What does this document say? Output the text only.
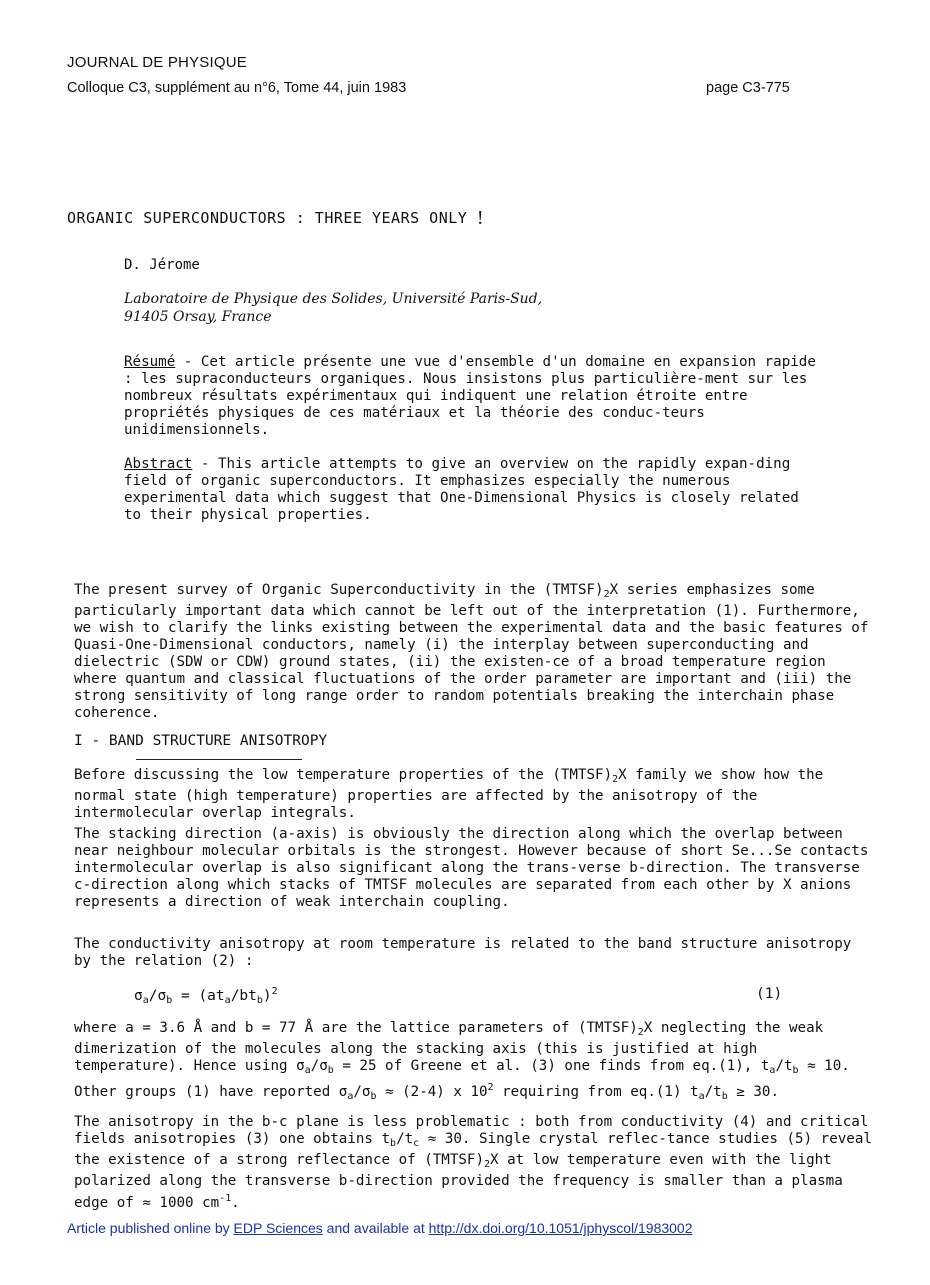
JOURNAL DE PHYSIQUE
Colloque C3, supplément au n°6, Tome 44, juin 1983	page C3-775
ORGANIC SUPERCONDUCTORS : THREE YEARS ONLY !
D. Jérome
Laboratoire de Physique des Solides, Université Paris-Sud,
91405 Orsay, France

Résumé - Cet article présente une vue d'ensemble d'un domaine en expansion rapide : les supraconducteurs organiques. Nous insistons plus particulière-ment sur les nombreux résultats expérimentaux qui indiquent une relation étroite entre propriétés physiques de ces matériaux et la théorie des conduc-teurs unidimensionnels.

Abstract - This article attempts to give an overview on the rapidly expan-ding field of organic superconductors. It emphasizes especially the numerous experimental data which suggest that One-Dimensional Physics is closely related to their physical properties.

The present survey of Organic Superconductivity in the $(TMTSF)_2X$ series emphasizes some particularly important data which cannot be left out of the interpretation (1). Furthermore, we wish to clarify the links existing between the experimental data and the basic features of Quasi-One-Dimensional conductors, namely (i) the interplay between superconducting and dielectric (SDW or CDW) ground states, (ii) the existen-ce of a broad temperature region where quantum and classical fluctuations of the order parameter are important and (iii) the strong sensitivity of long range order to random potentials breaking the interchain phase coherence.

I - BAND STRUCTURE ANISOTROPY

Before discussing the low temperature properties of the $(TMTSF)_2X$ family we show how the normal state (high temperature) properties are affected by the anisotropy of the intermolecular overlap integrals.

The stacking direction (a-axis) is obviously the direction along which the overlap between near neighbour molecular orbitals is the strongest. However because of short Se...Se contacts intermolecular overlap is also significant along the trans-verse b-direction. The transverse c-direction along which stacks of TMTSF molecules are separated from each other by X anions represents a direction of weak interchain coupling.

The conductivity anisotropy at room temperature is related to the band structure anisotropy by the relation (2) :

$\sigma_a/\sigma_b = (at_a/bt_b)^2$	(1)

where a = 3.6 Å and b = 77 Å are the lattice parameters of $(TMTSF)_2X$ neglecting the weak dimerization of the molecules along the stacking axis (this is justified at high temperature). Hence using $\sigma_a/\sigma_b = 25$ of Greene et al. (3) one finds from eq.(1), $t_a/t_b \approx 10$. Other groups (1) have reported $\sigma_a/\sigma_b \approx (2-4)$ x $10^2$ requiring from eq.(1) $t_a/t_b \ge 30$.

The anisotropy in the b-c plane is less problematic : both from conductivity (4) and critical fields anisotropies (3) one obtains $t_b/t_c \approx 30$. Single crystal reflec-tance studies (5) reveal the existence of a strong reflectance of $(TMTSF)_2X$ at low temperature even with the light polarized along the transverse b-direction provided the frequency is smaller than a plasma edge of ≈ 1000 $cm^{-1}$.

Article published online by EDP Sciences and available at http://dx.doi.org/10.1051/jphyscol/1983002
